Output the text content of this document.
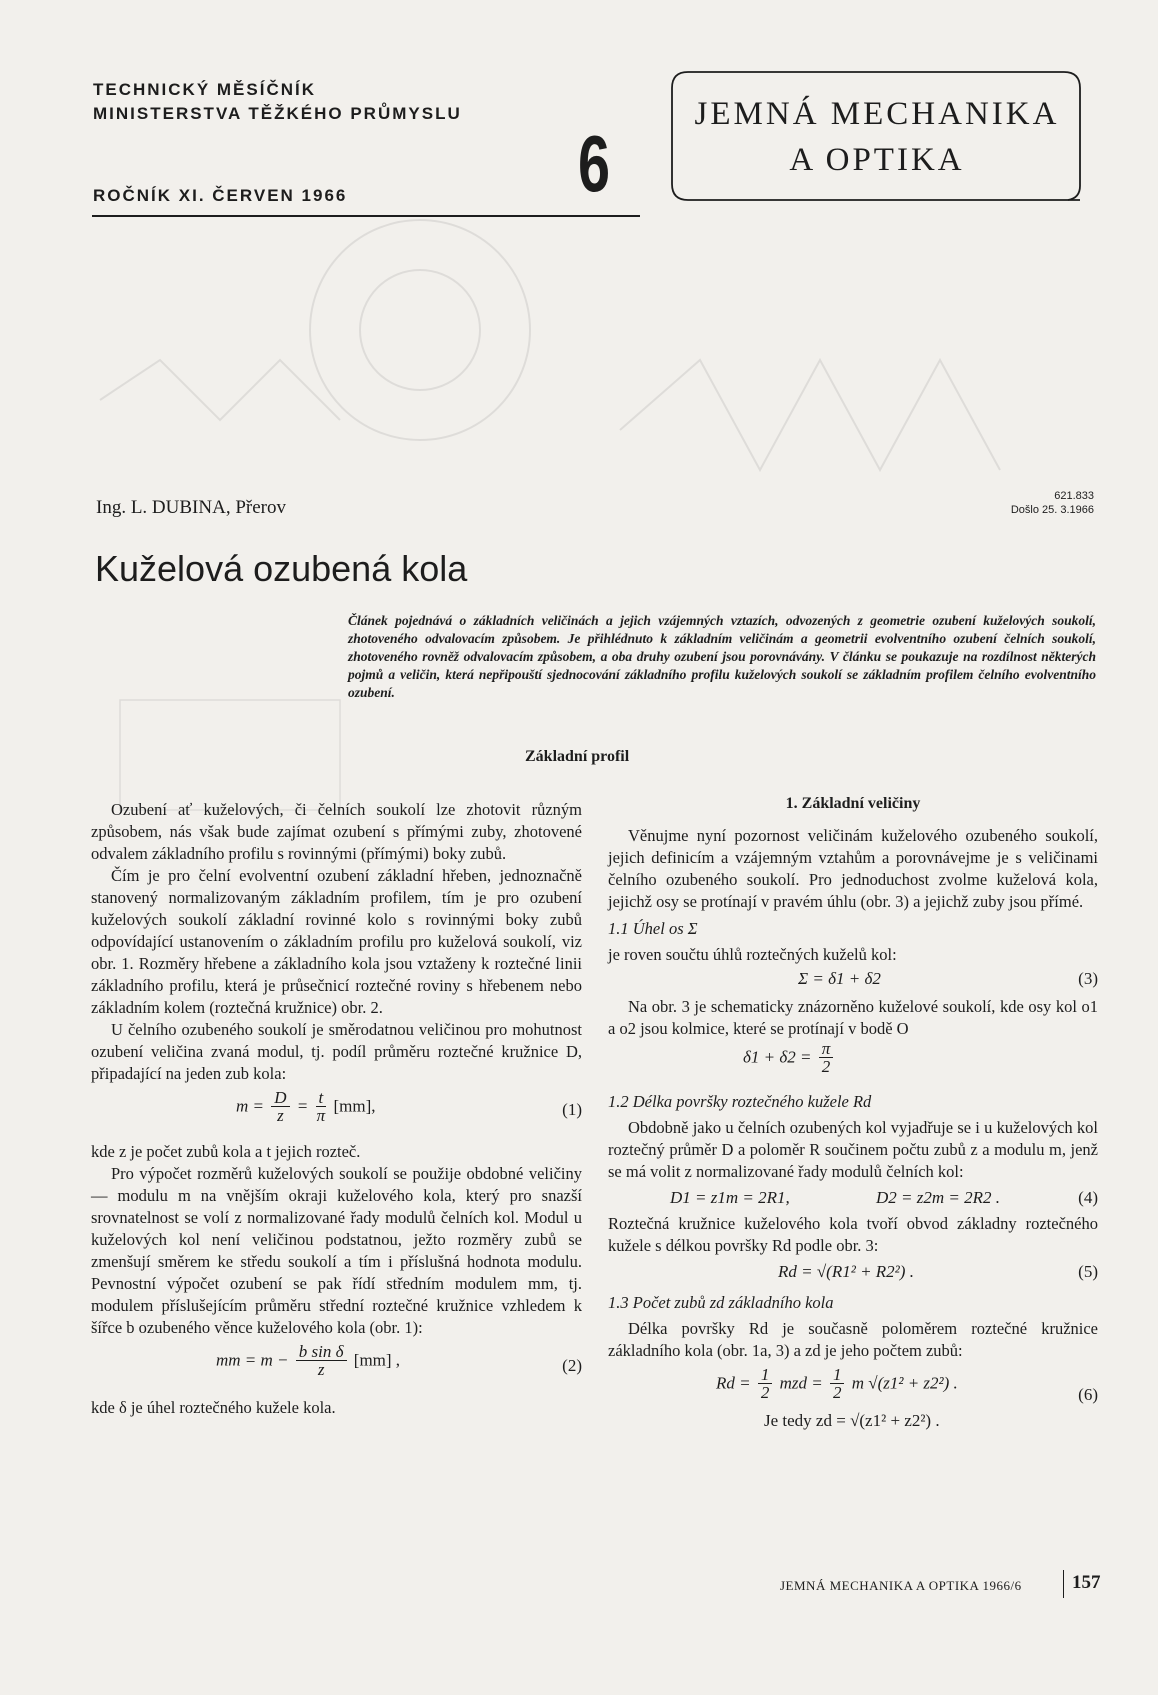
TECHNICKÝ MĚSÍČNÍK
MINISTERSTVA TĚŽKÉHO PRŮMYSLU
ROČNÍK XI. ČERVEN 1966	6
JEMNÁ MECHANIKA
A OPTIKA
Ing. L. DUBINA, Přerov
621.833
Došlo 25. 3.1966
Kuželová ozubená kola
Článek pojednává o základních veličinách a jejich vzájemných vztazích, odvozených z geometrie ozubení kuželových soukolí, zhotoveného odvalovacím způsobem. Je přihlédnuto k základním veličinám a geometrii evolventního ozubení čelních soukolí, zhotoveného rovněž odvalovacím způsobem, a oba druhy ozubení jsou porovnávány. V článku se poukazuje na rozdílnost některých pojmů a veličin, která nepřipouští sjednocování základního profilu kuželových soukolí se základním profilem čelního evolventního ozubení.
Základní profil

Ozubení ať kuželových, či čelních soukolí lze zhotovit různým způsobem, nás však bude zajímat ozubení s přímými zuby, zhotovené odvalem základního profilu s rovinnými (přímými) boky zubů.

Čím je pro čelní evolventní ozubení základní hřeben, jednoznačně stanovený normalizovaným základním profilem, tím je pro ozubení kuželových soukolí základní rovinné kolo s rovinnými boky zubů odpovídající ustanovením o základním profilu pro kuželová soukolí, viz obr. 1. Rozměry hřebene a základního kola jsou vztaženy k roztečné linii základního profilu, která je průsečnicí roztečné roviny s hřebenem nebo základním kolem (roztečná kružnice) obr. 2.

U čelního ozubeného soukolí je směrodatnou veličinou pro mohutnost ozubení veličina zvaná modul, tj. podíl průměru roztečné kružnice D, připadající na jeden zub kola:

$m = \frac{D}{z} = \frac{t}{\pi} [mm]$,	(1)

kde z je počet zubů kola a t jejich rozteč.

Pro výpočet rozměrů kuželových soukolí se použije obdobné veličiny — modulu m na vnějším okraji kuželového kola, který pro snazší srovnatelnost se volí z normalizované řady modulů čelních kol. Modul u kuželových kol není veličinou podstatnou, ježto rozměry zubů se zmenšují směrem ke středu soukolí a tím i příslušná hodnota modulu. Pevnostní výpočet ozubení se pak řídí středním modulem mm, tj. modulem příslušejícím průměru střední roztečné kružnice vzhledem k šířce b ozubeného věnce kuželového kola (obr. 1):

mm = $m - \frac{\text{b sin δ}}{z} [mm]$ ,	(2)

kde δ je úhel roztečného kužele kola.

1. Základní veličiny

Věnujme nyní pozornost veličinám kuželového ozubeného soukolí, jejich definicím a vzájemným vztahům a porovnávejme je s veličinami čelního ozubeného soukolí. Pro jednoduchost zvolme kuželová kola, jejichž osy se protínají v pravém úhlu (obr. 3) a jejichž zuby jsou přímé.

1.1 Úhel os Σ

je roven součtu úhlů roztečných kuželů kol:

Σ = δ1 + δ2	(3)

Na obr. 3 je schematicky znázorněno kuželové soukolí, kde osy kol o1 a o2 jsou kolmice, které se protínají v bodě O

$\delta 1 + \delta 2 = \frac{\pi}{2}$
1.2 Délka površky roztečného kužele Rd

Obdobně jako u čelních ozubených kol vyjadřuje se i u kuželových kol roztečný průměr D a poloměr R součinem počtu zubů z a modulu m, jenž se má volit z normalizované řady modulů čelních kol:

D1 = z1m = 2R1,	D2 = z2m = 2R2 .	(4)

Roztečná kružnice kuželového kola tvoří obvod základny roztečného kužele s délkou površky Rd podle obr. 3:

Rd = √(R1² + R2²) .	(5)
1.3 Počet zubů zd základního kola

Délka površky Rd je současně poloměrem roztečné kružnice základního kola (obr. 1a, 3) a zd je jeho počtem zubů:

$Rd = \frac{1}{2}$ mzd = $\frac{1}{2}$ m √(z1² + z2²) .
(6)
Je tedy zd = √(z1² + z2²) .
JEMNÁ MECHANIKA A OPTIKA 1966/6	157
